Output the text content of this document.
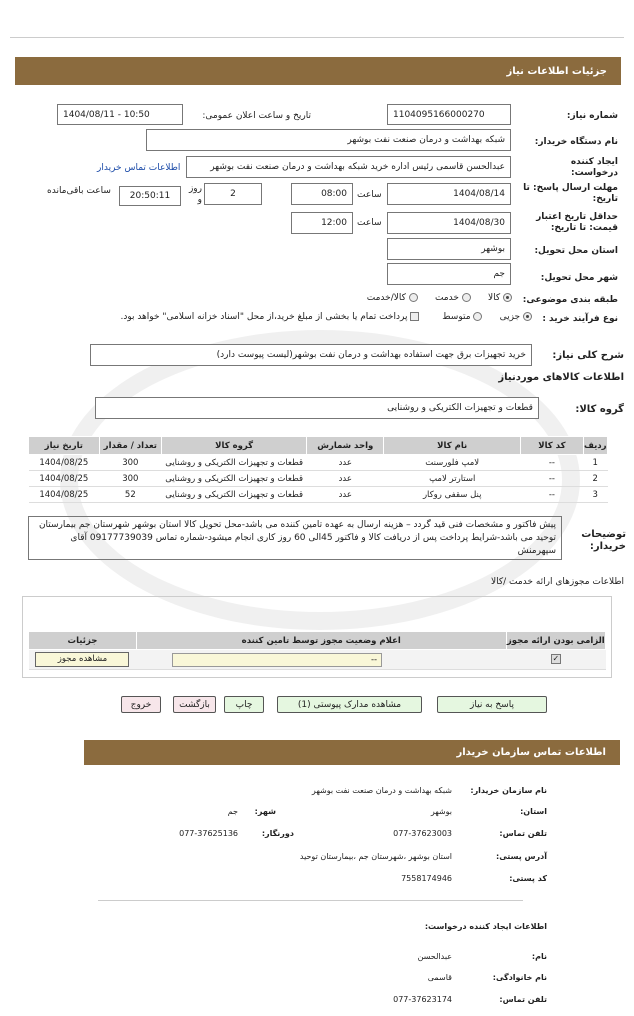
جزئیات اطلاعات نیاز
شماره نیاز:
1104095166000270
تاریخ و ساعت اعلان عمومی:
1404/08/11 - 10:50
نام دستگاه خریدار:
شبکه بهداشت و درمان صنعت نفت بوشهر
ایجاد کننده
درخواست:
عبدالحسن قاسمی رئیس اداره خرید شبکه بهداشت و درمان صنعت نفت بوشهر
اطلاعات تماس خریدار
مهلت ارسال پاسخ: تا
تاریخ:
1404/08/14
ساعت
08:00
2
روز و
20:50:11
ساعت باقی‌مانده
حداقل تاریخ اعتبار
قیمت: تا تاریخ:
1404/08/30
ساعت
12:00
استان محل تحویل:
بوشهر
شهر محل تحویل:
جم
طبقه بندی موضوعی:
کالا       خدمت       کالا/خدمت
نوع فرآیند خرید :
جزیی       متوسط         پرداخت تمام یا بخشی از مبلغ خرید،از محل "اسناد خزانه اسلامی" خواهد بود.
شرح کلی نیاز:
خرید تجهیزات برق جهت استفاده بهداشت و درمان نفت بوشهر(لیست پیوست دارد)
اطلاعات کالاهای موردنیاز
گروه کالا:
قطعات و تجهیزات الکتریکی و روشنایی
ردیف	کد کالا	نام کالا	واحد شمارش	گروه کالا	تعداد / مقدار	تاریخ نیاز
1	--	لامپ فلورسنت	عدد	قطعات و تجهیزات الکتریکی و روشنایی	300	1404/08/25
2	--	استارتر لامپ	عدد	قطعات و تجهیزات الکتریکی و روشنایی	300	1404/08/25
3	--	پنل سقفی روکار	عدد	قطعات و تجهیزات الکتریکی و روشنایی	52	1404/08/25
توضیحات
خریدار:
پیش فاکتور و مشخصات فنی قید گردد – هزینه ارسال به عهده تامین کننده می باشد-محل تحویل کالا استان بوشهر شهرستان جم بیمارستان توحید می باشد-شرایط پرداخت پس از دریافت کالا و فاکتور 45الی 60 روز کاری انجام میشود-شماره تماس 09177739039 آقای سپهرمنش
اطلاعات مجوزهای ارائه خدمت /کالا
الزامی بودن ارائه مجوز	اعلام وضعیت مجوز توسط تامین کننده	جزئیات
✓	--	مشاهده مجوز
پاسخ به نیاز
مشاهده مدارک پیوستی (1)
چاپ
بازگشت
خروج
اطلاعات تماس سازمان خریدار
نام سازمان خریدار:
شبکه بهداشت و درمان صنعت نفت بوشهر
استان:
بوشهر
شهر:
جم
تلفن تماس:
077-37623003
دورنگار:
077-37625136
آدرس پستی:
استان بوشهر ،شهرستان جم ،بیمارستان توحید
کد پستی:
7558174946
اطلاعات ایجاد کننده درخواست:
نام:
عبدالحسن
نام خانوادگی:
قاسمی
تلفن تماس:
077-37623174
